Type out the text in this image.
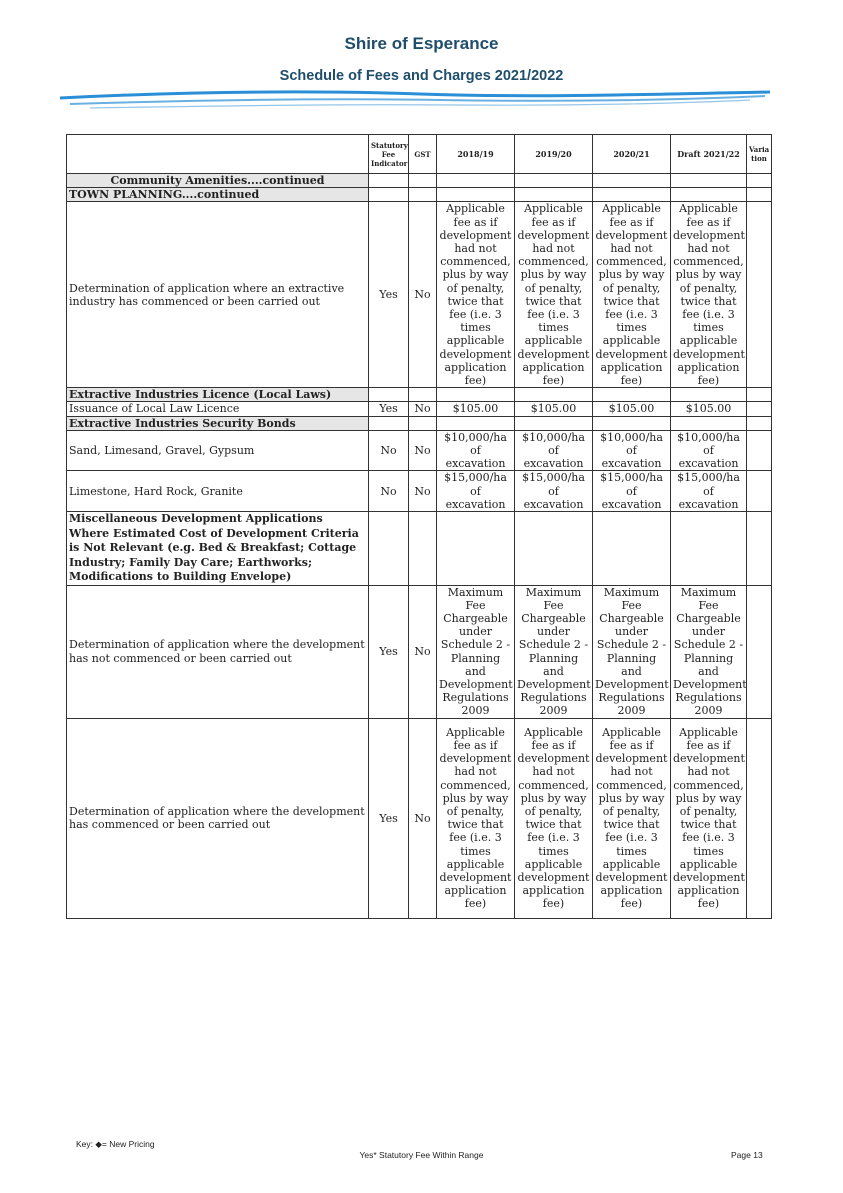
Shire of Esperance
Schedule of Fees and Charges 2021/2022
	Statutory Fee Indicator	GST	2018/19	2019/20	2020/21	Draft 2021/22	Varia tion
Community Amenities....continued							
TOWN PLANNING....continued							
Determination of application where an extractive industry has commenced or been carried out	Yes	No	Applicable fee as if development had not commenced, plus by way of penalty, twice that fee (i.e. 3 times applicable development application fee)	Applicable fee as if development had not commenced, plus by way of penalty, twice that fee (i.e. 3 times applicable development application fee)	Applicable fee as if development had not commenced, plus by way of penalty, twice that fee (i.e. 3 times applicable development application fee)	Applicable fee as if development had not commenced, plus by way of penalty, twice that fee (i.e. 3 times applicable development application fee)	
Extractive Industries Licence (Local Laws)							
Issuance of Local Law Licence	Yes	No	$105.00	$105.00	$105.00	$105.00	
Extractive Industries Security Bonds							
Sand, Limesand, Gravel, Gypsum	No	No	$10,000/ha of excavation	$10,000/ha of excavation	$10,000/ha of excavation	$10,000/ha of excavation	
Limestone, Hard Rock, Granite	No	No	$15,000/ha of excavation	$15,000/ha of excavation	$15,000/ha of excavation	$15,000/ha of excavation	
Miscellaneous Development Applications Where Estimated Cost of Development Criteria is Not Relevant (e.g. Bed & Breakfast; Cottage Industry; Family Day Care; Earthworks; Modifications to Building Envelope)							
Determination of application where the development has not commenced or been carried out	Yes	No	Maximum Fee Chargeable under Schedule 2 - Planning and Development Regulations 2009	Maximum Fee Chargeable under Schedule 2 - Planning and Development Regulations 2009	Maximum Fee Chargeable under Schedule 2 - Planning and Development Regulations 2009	Maximum Fee Chargeable under Schedule 2 - Planning and Development Regulations 2009	
Determination of application where the development has commenced or been carried out	Yes	No	Applicable fee as if development had not commenced, plus by way of penalty, twice that fee (i.e. 3 times applicable development application fee)	Applicable fee as if development had not commenced, plus by way of penalty, twice that fee (i.e. 3 times applicable development application fee)	Applicable fee as if development had not commenced, plus by way of penalty, twice that fee (i.e. 3 times applicable development application fee)	Applicable fee as if development had not commenced, plus by way of penalty, twice that fee (i.e. 3 times applicable development application fee)	
Key: ◆= New Pricing
Yes* Statutory Fee Within Range	Page 13
